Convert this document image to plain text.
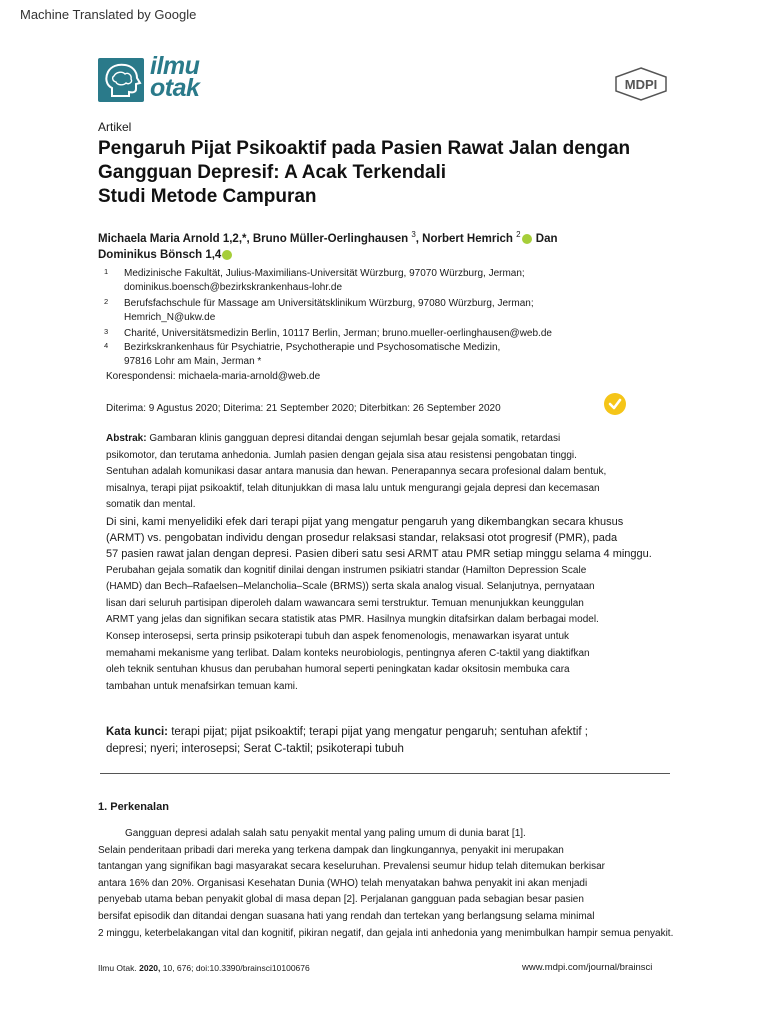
Machine Translated by Google
ilmu
otak	MDPI
Artikel
Pengaruh Pijat Psikoaktif pada Pasien Rawat Jalan dengan
Gangguan Depresif: A Acak Terkendali
Studi Metode Campuran
Michaela Maria Arnold 1,2,*, Bruno Müller-Oerlinghausen $^3$, Norbert Hemrich $^2$ Dan
Dominikus Bönsch 1,4
1 Medizinische Fakultät, Julius-Maximilians-Universität Würzburg, 97070 Würzburg, Jerman;
dominikus.boensch@bezirkskrankenhaus-lohr.de
2 Berufsfachschule für Massage am Universitätsklinikum Würzburg, 97080 Würzburg, Jerman;
Hemrich_N@ukw.de
3 Charité, Universitätsmedizin Berlin, 10117 Berlin, Jerman; bruno.mueller-oerlinghausen@web.de
4 Bezirkskrankenhaus für Psychiatrie, Psychotherapie und Psychosomatische Medizin,
97816 Lohr am Main, Jerman *
Korespondensi: michaela-maria-arnold@web.de
Diterima: 9 Agustus 2020; Diterima: 21 September 2020; Diterbitkan: 26 September 2020

Abstrak: Gambaran klinis gangguan depresi ditandai dengan sejumlah besar gejala somatik, retardasi

psikomotor, dan terutama anhedonia. Jumlah pasien dengan gejala sisa atau resistensi pengobatan tinggi.

Sentuhan adalah komunikasi dasar antara manusia dan hewan. Penerapannya secara profesional dalam bentuk,

misalnya, terapi pijat psikoaktif, telah ditunjukkan di masa lalu untuk mengurangi gejala depresi dan kecemasan

somatik dan mental.

Di sini, kami menyelidiki efek dari terapi pijat yang mengatur pengaruh yang dikembangkan secara khusus

(ARMT) vs. pengobatan individu dengan prosedur relaksasi standar, relaksasi otot progresif (PMR), pada

57 pasien rawat jalan dengan depresi. Pasien diberi satu sesi ARMT atau PMR setiap minggu selama 4 minggu.

Perubahan gejala somatik dan kognitif dinilai dengan instrumen psikiatri standar (Hamilton Depression Scale

(HAMD) dan Bech–Rafaelsen–Melancholia–Scale (BRMS)) serta skala analog visual. Selanjutnya, pernyataan

lisan dari seluruh partisipan diperoleh dalam wawancara semi terstruktur. Temuan menunjukkan keunggulan

ARMT yang jelas dan signifikan secara statistik atas PMR. Hasilnya mungkin ditafsirkan dalam berbagai model.

Konsep interosepsi, serta prinsip psikoterapi tubuh dan aspek fenomenologis, menawarkan isyarat untuk

memahami mekanisme yang terlibat. Dalam konteks neurobiologis, pentingnya aferen C-taktil yang diaktifkan

oleh teknik sentuhan khusus dan perubahan humoral seperti peningkatan kadar oksitosin membuka cara

tambahan untuk menafsirkan temuan kami.

Kata kunci: terapi pijat; pijat psikoaktif; terapi pijat yang mengatur pengaruh; sentuhan afektif ;
depresi; nyeri; interosepsi; Serat C-taktil; psikoterapi tubuh
1. Perkenalan
Gangguan depresi adalah salah satu penyakit mental yang paling umum di dunia barat [1].
Selain penderitaan pribadi dari mereka yang terkena dampak dan lingkungannya, penyakit ini merupakan
tantangan yang signifikan bagi masyarakat secara keseluruhan. Prevalensi seumur hidup telah ditemukan berkisar
antara 16% dan 20%. Organisasi Kesehatan Dunia (WHO) telah menyatakan bahwa penyakit ini akan menjadi
penyebab utama beban penyakit global di masa depan [2]. Perjalanan gangguan pada sebagian besar pasien
bersifat episodik dan ditandai dengan suasana hati yang rendah dan tertekan yang berlangsung selama minimal
2 minggu, keterbelakangan vital dan kognitif, pikiran negatif, dan gejala inti anhedonia yang menimbulkan hampir semua penyakit.
Ilmu Otak. 2020, 10, 676; doi:10.3390/brainsci10100676	www.mdpi.com/journal/brainsci
